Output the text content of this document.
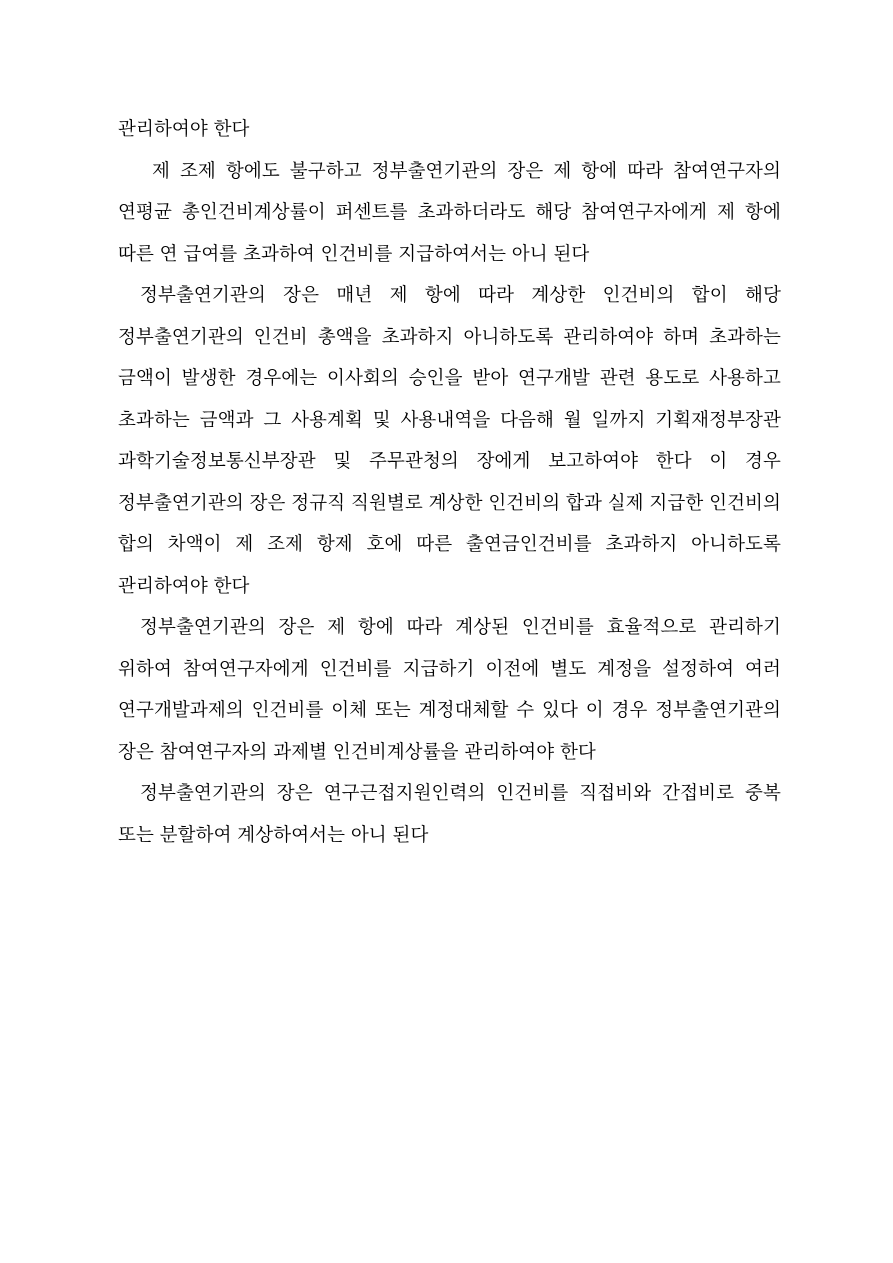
관리하여야 한다

제 조제 항에도 불구하고 정부출연기관의 장은 제 항에 따라 참여연구자의 연평균 총인건비계상률이 퍼센트를 초과하더라도 해당 참여연구자에게 제 항에 따른 연 급여를 초과하여 인건비를 지급하여서는 아니 된다

정부출연기관의 장은 매년 제 항에 따라 계상한 인건비의 합이 해당 정부출연기관의 인건비 총액을 초과하지 아니하도록 관리하여야 하며 초과하는 금액이 발생한 경우에는 이사회의 승인을 받아 연구개발 관련 용도로 사용하고 초과하는 금액과 그 사용계획 및 사용내역을 다음해 월 일까지 기획재정부장관 과학기술정보통신부장관 및 주무관청의 장에게 보고하여야 한다 이 경우 정부출연기관의 장은 정규직 직원별로 계상한 인건비의 합과 실제 지급한 인건비의 합의 차액이 제 조제 항제 호에 따른 출연금인건비를 초과하지 아니하도록 관리하여야 한다

정부출연기관의 장은 제 항에 따라 계상된 인건비를 효율적으로 관리하기 위하여 참여연구자에게 인건비를 지급하기 이전에 별도 계정을 설정하여 여러 연구개발과제의 인건비를 이체 또는 계정대체할 수 있다 이 경우 정부출연기관의 장은 참여연구자의 과제별 인건비계상률을 관리하여야 한다

정부출연기관의 장은 연구근접지원인력의 인건비를 직접비와 간접비로 중복 또는 분할하여 계상하여서는 아니 된다
